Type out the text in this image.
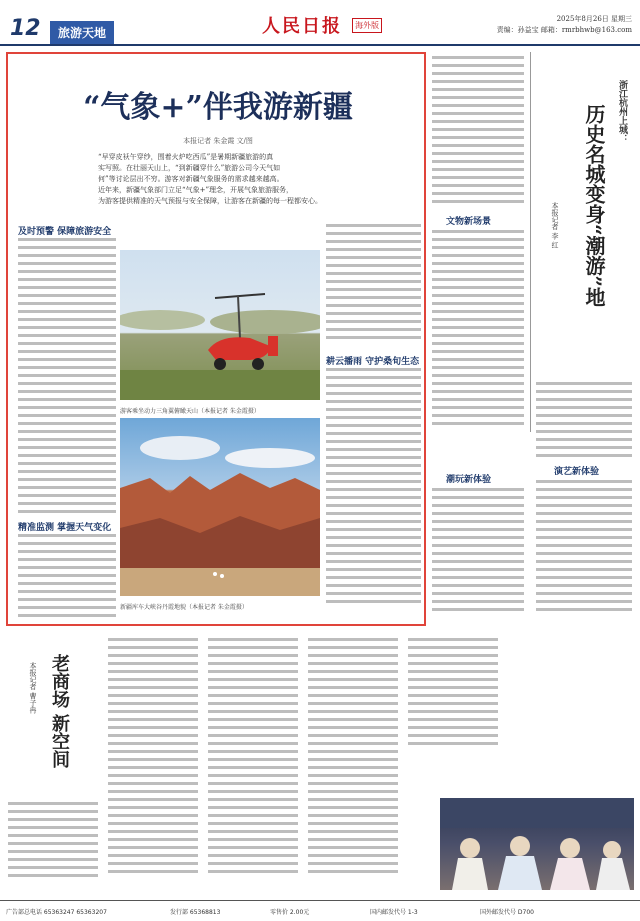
12	旅游天地	人民日报	海外版
2025年8月26日 星期三
责编：孙益宝 邮箱：rmrbhwb@163.com
“气象+”伴我游新疆
本报记者 朱金霞 文/图
“早穿皮袄午穿纱，围着火炉吃西瓜”是暑期新疆旅游的真
实写照。在壮丽天山上，“到新疆穿什么”旅游公司今天气如
何”等讨论层出不穷。游客对新疆气象服务的需求越来越高。
近年来，新疆气象部门立足“气象+”理念，开展气象旅游服务，
为游客提供精准的天气预报与安全保障，让游客在新疆的每一程都安心。
及时预警 保障旅游安全
精准监测 掌握天气变化
游客乘坐动力三角翼俯瞰天山（本报记者 朱金霞摄）
新疆库车大峡谷丹霞地貌（本报记者 朱金霞摄）
耕云播雨 守护桑旬生态
文物新场景
潮玩新体验
浙江杭州上城：
历史名城变身“潮游”地
本报记者 李 红
演艺新体验
老商场 新空间
本报记者 曹子冉
广告部总电话 65363247 65363207	发行部 65368813	零售价 2.00元	国内邮发代号 1-3	国外邮发代号 D700
